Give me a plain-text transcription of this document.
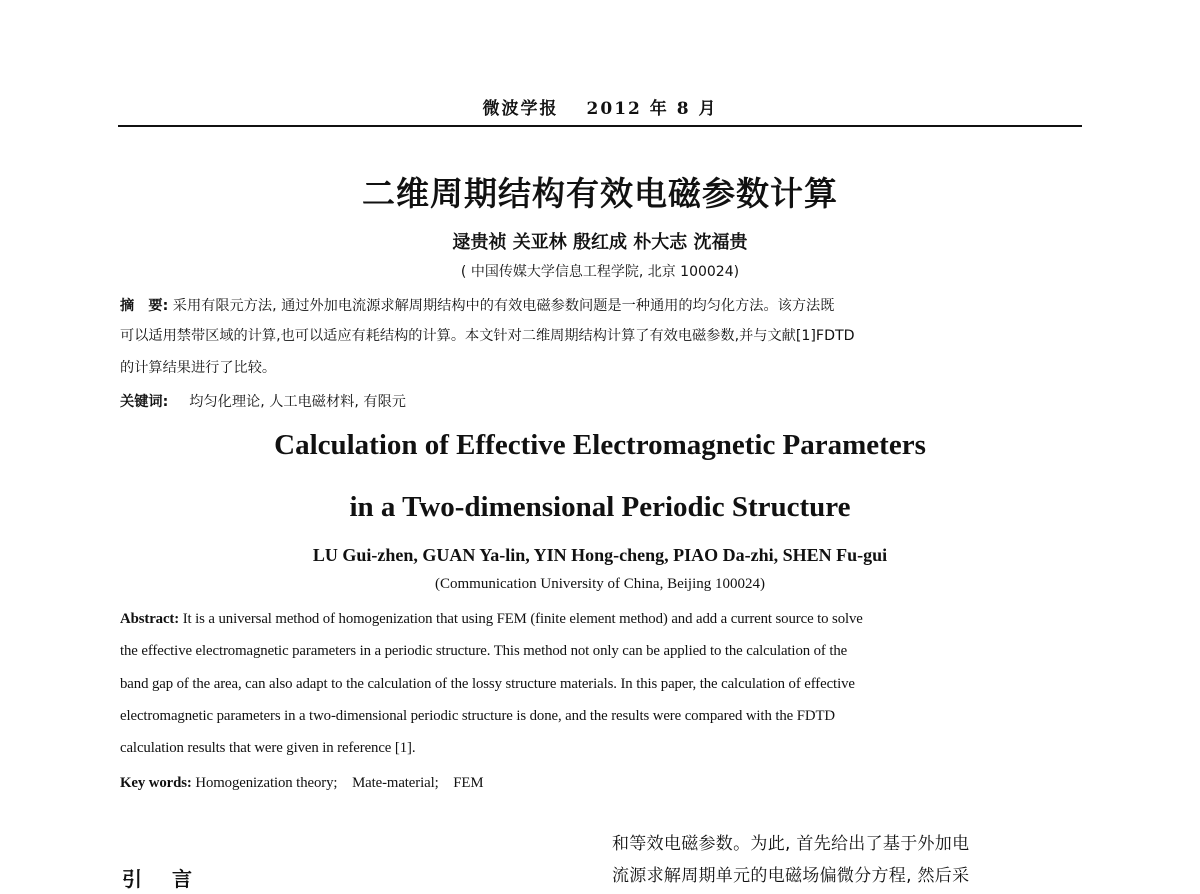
微波学报 2012 年 8 月
二维周期结构有效电磁参数计算
逯贵祯 关亚林 殷红成 朴大志 沈福贵
( 中国传媒大学信息工程学院, 北京 100024)
摘　要: 采用有限元方法, 通过外加电流源求解周期结构中的有效电磁参数问题是一种通用的均匀化方法。该方法既
可以适用禁带区域的计算,也可以适应有耗结构的计算。本文针对二维周期结构计算了有效电磁参数,并与文献[1]FDTD
的计算结果进行了比较。
关键词: 均匀化理论, 人工电磁材料, 有限元
Calculation of Effective Electromagnetic Parameters
in a Two-dimensional Periodic Structure
LU Gui-zhen, GUAN Ya-lin, YIN Hong-cheng, PIAO Da-zhi, SHEN Fu-gui
(Communication University of China, Beijing 100024)
Abstract: It is a universal method of homogenization that using FEM (finite element method) and add a current source to solve
the effective electromagnetic parameters in a periodic structure. This method not only can be applied to the calculation of the
band gap of the area, can also adapt to the calculation of the lossy structure materials. In this paper, the calculation of effective
electromagnetic parameters in a two-dimensional periodic structure is done, and the results were compared with the FDTD
calculation results that were given in reference [1].
Key words: Homogenization theory;　Mate-material;　FEM
引 言
和等效电磁参数。为此, 首先给出了基于外加电
流源求解周期单元的电磁场偏微分方程, 然后采
